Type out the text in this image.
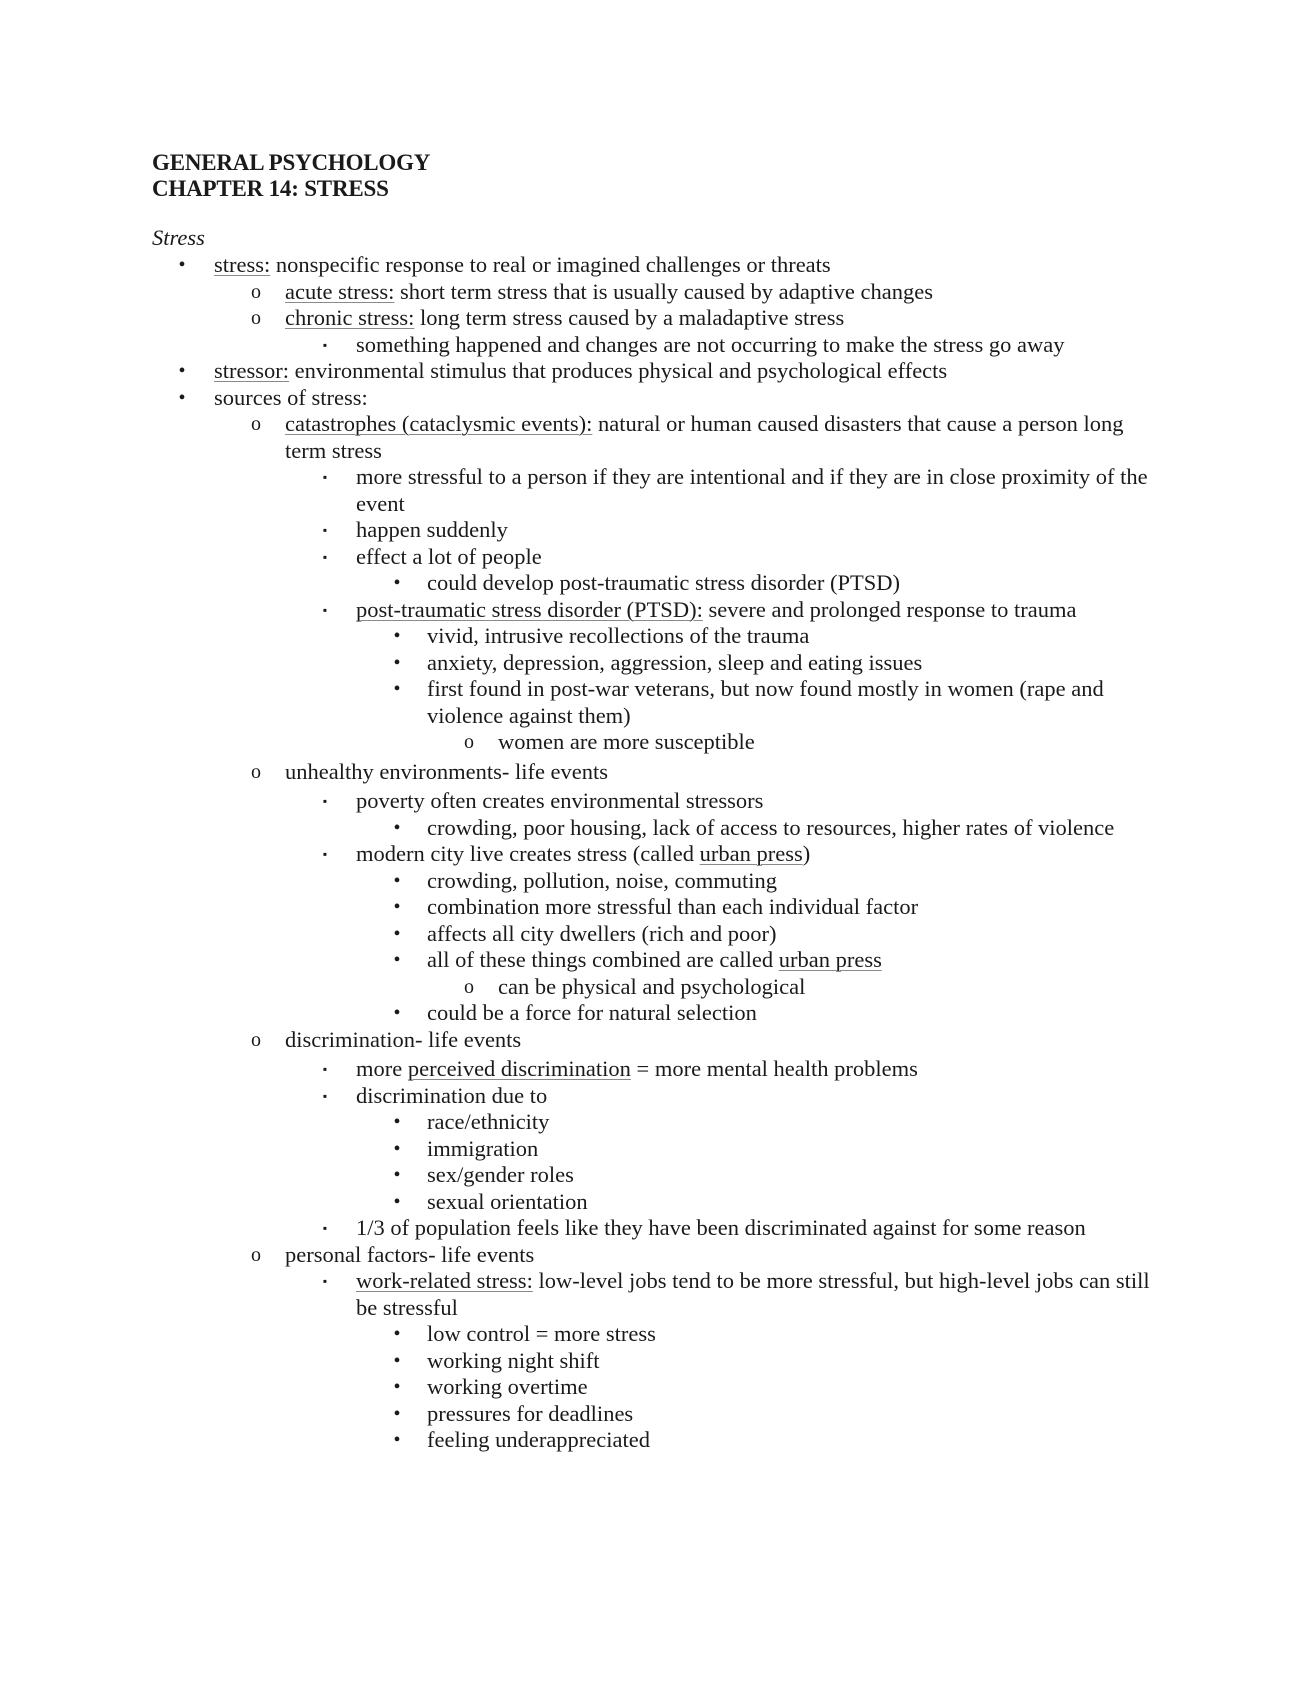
GENERAL PSYCHOLOGY
CHAPTER 14: STRESS
Stress
• stress: nonspecific response to real or imagined challenges or threats
o acute stress: short term stress that is usually caused by adaptive changes
o chronic stress: long term stress caused by a maladaptive stress
▪	something happened and changes are not occurring to make the stress go away
• stressor: environmental stimulus that produces physical and psychological effects
• sources of stress:
o catastrophes (cataclysmic events): natural or human caused disasters that cause a person long term stress
▪	more stressful to a person if they are intentional and if they are in close proximity of the event
▪	happen suddenly
▪	effect a lot of people
• could develop post-traumatic stress disorder (PTSD)
▪	post-traumatic stress disorder (PTSD): severe and prolonged response to trauma
• vivid, intrusive recollections of the trauma
• anxiety, depression, aggression, sleep and eating issues
• first found in post-war veterans, but now found mostly in women (rape and violence against them)
o women are more susceptible
o unhealthy environments- life events
▪	poverty often creates environmental stressors
• crowding, poor housing, lack of access to resources, higher rates of violence
▪	modern city live creates stress (called urban press)
• crowding, pollution, noise, commuting
• combination more stressful than each individual factor
• affects all city dwellers (rich and poor)
• all of these things combined are called urban press
o can be physical and psychological
• could be a force for natural selection
o discrimination- life events
▪	more perceived discrimination = more mental health problems
▪	discrimination due to
• race/ethnicity
• immigration
• sex/gender roles
• sexual orientation
▪	1/3 of population feels like they have been discriminated against for some reason
o personal factors- life events
▪	work-related stress: low-level jobs tend to be more stressful, but high-level jobs can still be stressful
• low control = more stress
• working night shift
• working overtime
• pressures for deadlines
• feeling underappreciated
